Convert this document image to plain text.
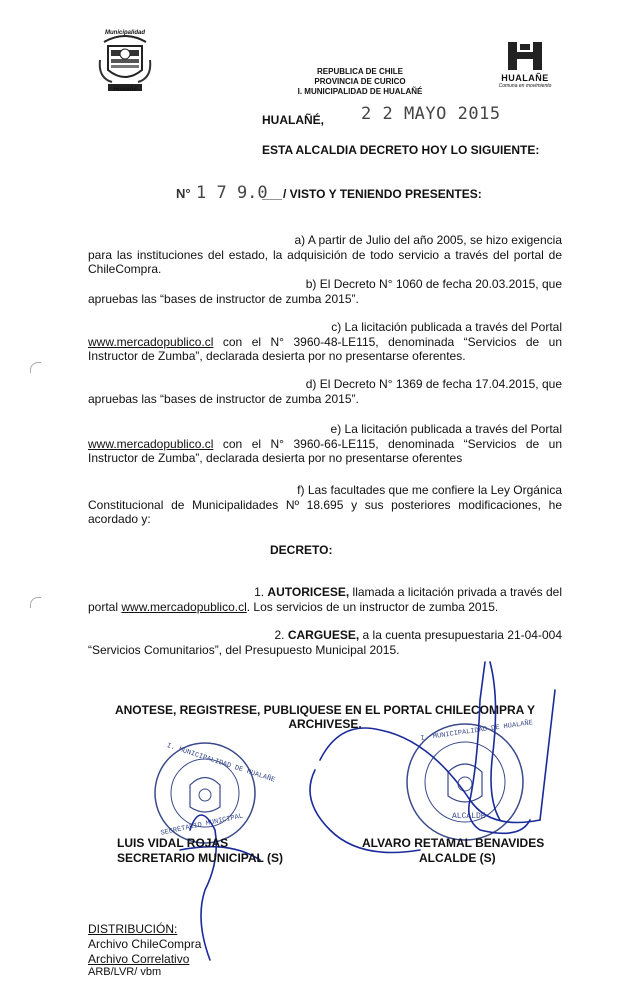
Municipalidad
Hualañé
REPUBLICA DE CHILE
PROVINCIA DE CURICO
I. MUNICIPALIDAD DE HUALAÑÉ
HUALAÑE
Comuna en movimiento
HUALAÑÉ, 2 2 MAYO 2015
ESTA ALCALDIA DECRETO HOY LO SIGUIENTE:
N° 1 7 9.0
___ / VISTO Y TENIENDO PRESENTES:
a) A partir de Julio del año 2005, se hizo exigencia
para las instituciones del estado, la adquisición de todo servicio a través del portal de ChileCompra.
b) El Decreto N° 1060 de fecha 20.03.2015, que
apruebas las “bases de instructor de zumba 2015”.
c) La licitación publicada a través del Portal
www.mercadopublico.cl con el N° 3960-48-LE115, denominada “Servicios de un Instructor de Zumba”, declarada desierta por no presentarse oferentes.
d) El Decreto N° 1369 de fecha 17.04.2015, que
apruebas las “bases de instructor de zumba 2015”.
e) La licitación publicada a través del Portal
www.mercadopublico.cl con el N° 3960-66-LE115, denominada “Servicios de un Instructor de Zumba”, declarada desierta por no presentarse oferentes
f) Las facultades que me confiere la Ley Orgánica
Constitucional de Municipalidades Nº 18.695 y sus posteriores modificaciones, he acordado y:
DECRETO:
1. AUTORICESE, llamada a licitación privada a través del
portal www.mercadopublico.cl. Los servicios de un instructor de zumba 2015.
2. CARGUESE, a la cuenta presupuestaria 21-04-004
“Servicios Comunitarios”, del Presupuesto Municipal 2015.
ANOTESE, REGISTRESE, PUBLIQUESE EN EL PORTAL CHILECOMPRA Y
ARCHIVESE.
I. MUNICIPALIDAD DE HUALAÑE
SECRETARIO MUNICIPAL
I. MUNICIPALIDAD DE HUALAÑE
ALCALDE
LUIS VIDAL ROJAS
SECRETARIO MUNICIPAL (S)
ALVARO RETAMAL BENAVIDES
ALCALDE (S)
DISTRIBUCIÓN:
Archivo ChileCompra
Archivo Correlativo
ARB/LVR/ vbm
